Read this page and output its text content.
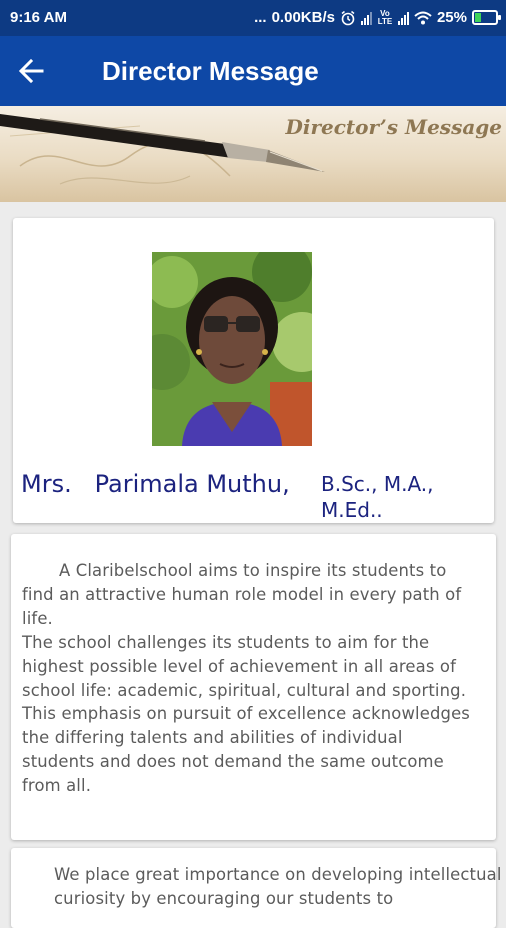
9:16 AM	... 0.00KB/s	Vo LTE	25%
Director Message
Director’s Message
Mrs.   Parimala Muthu, B.Sc., M.A., M.Ed..
A Claribelschool aims to inspire its students to find an attractive human role model in every path of life.
The school challenges its students to aim for the highest possible level of achievement in all areas of school life: academic, spiritual, cultural and sporting. This emphasis on pursuit of excellence acknowledges the differing talents and abilities of individual students and does not demand the same outcome from all.
We place great importance on developing intellectual curiosity by encouraging our students to
